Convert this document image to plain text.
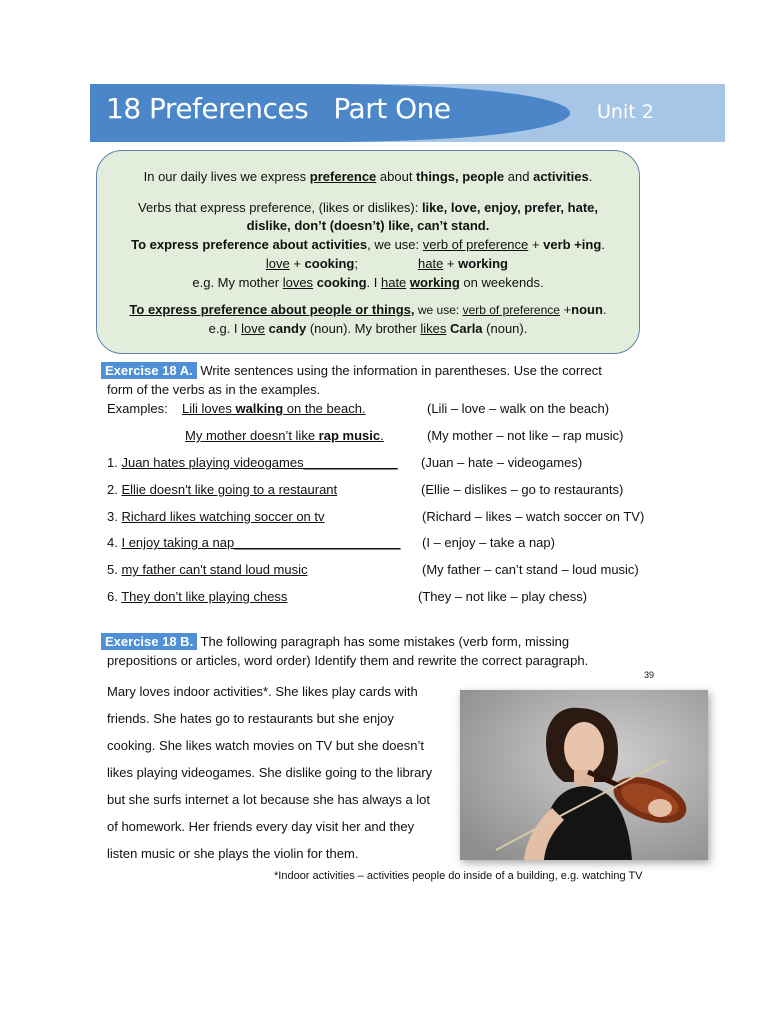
18 Preferences   Part One	Unit 2
In our daily lives we express preference about things, people and activities.
Verbs that express preference, (likes or dislikes): like, love, enjoy, prefer, hate,
dislike, don’t (doesn’t) like, can’t stand.
To express preference about activities, we use: verb of preference + verb +ing.
love + cooking;	hate + working
e.g. My mother loves cooking. I hate working on weekends.
To express preference about people or things, we use: verb of preference +noun.
e.g. I love candy (noun). My brother likes Carla (noun).
Exercise 18 A. Write sentences using the information in parentheses. Use the correct
form of the verbs as in the examples.
Examples: Lili loves walking on the beach.	(Lili – love – walk on the beach)
My mother doesn’t like rap music.	(My mother – not like – rap music)
1. Juan hates playing videogames_____________ (Juan – hate – videogames)
2. Ellie doesn't like going to a restaurant	(Ellie – dislikes – go to restaurants)
3. Richard likes watching soccer on tv	(Richard – likes – watch soccer on TV)
4. I enjoy taking a nap_______________________ (I – enjoy – take a nap)
5. my father can't stand loud music	(My father – can’t stand – loud music)
6. They don’t like playing chess	(They – not like – play chess)
Exercise 18 B. The following paragraph has some mistakes (verb form, missing
prepositions or articles, word order) Identify them and rewrite the correct paragraph.
39
Mary loves indoor activities*. She likes play cards with
friends. She hates go to restaurants but she enjoy
cooking. She likes watch movies on TV but she doesn’t
likes playing videogames. She dislike going to the library
but she surfs internet a lot because she has always a lot
of homework. Her friends every day visit her and they
listen music or she plays the violin for them.
*Indoor activities – activities people do inside of a building, e.g. watching TV
